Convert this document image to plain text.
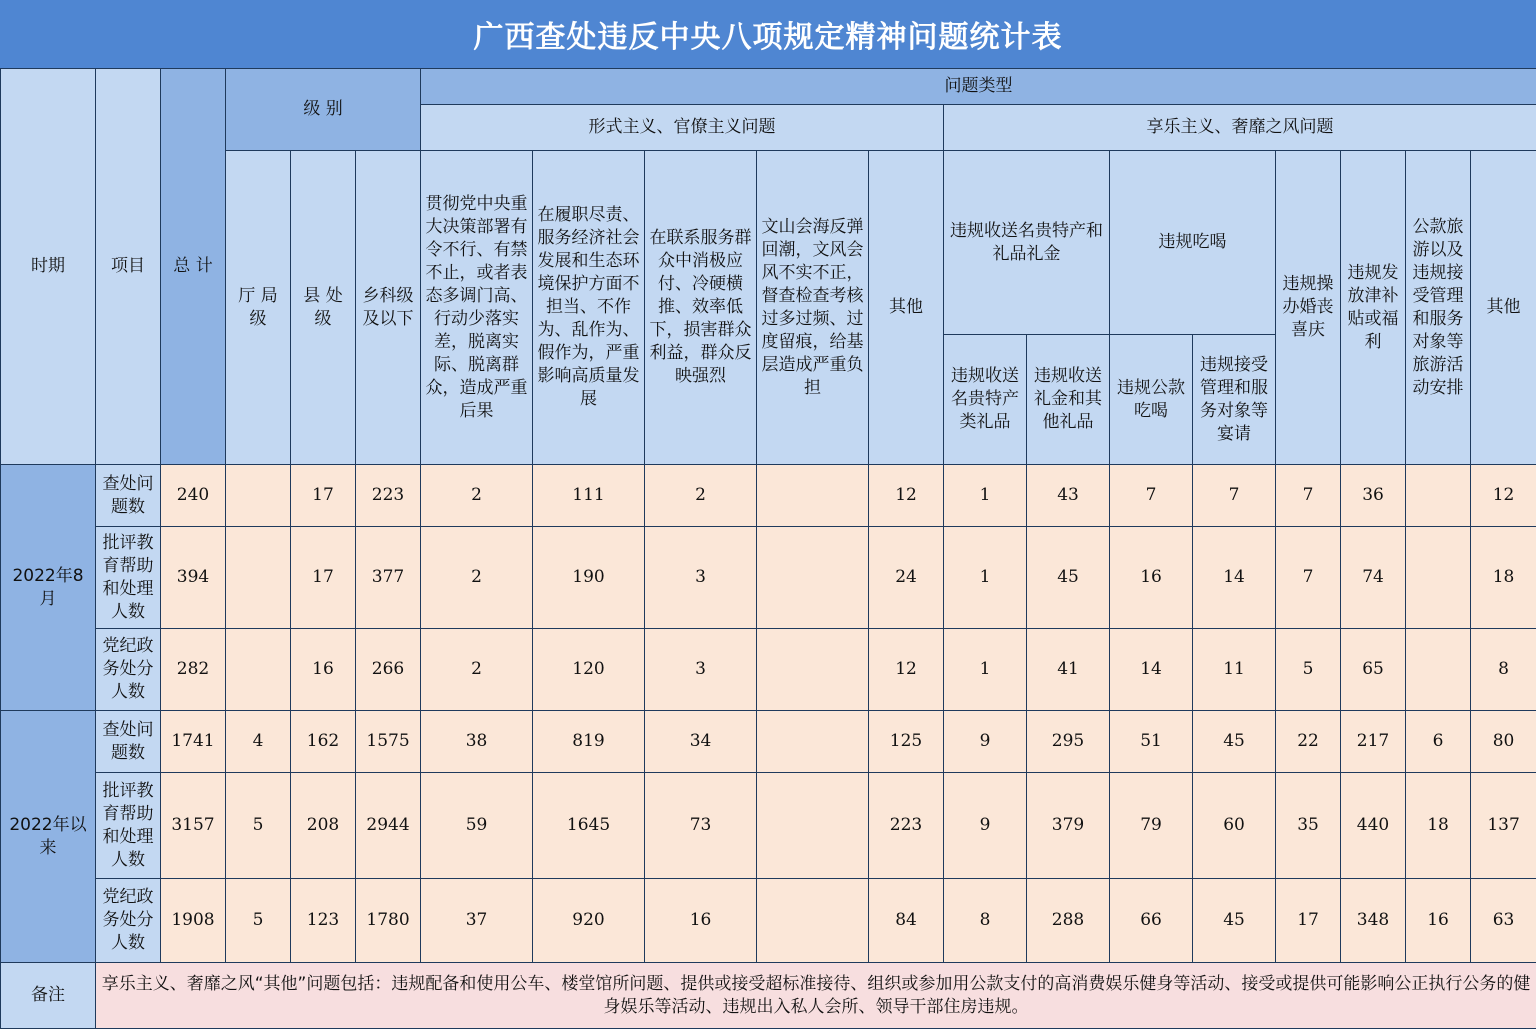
广西查处违反中央八项规定精神问题统计表
时期	项目	总 计	级 别			问题类型												
						形式主义、官僚主义问题					享乐主义、奢靡之风问题							
			厅 局 级	县 处 级	乡科级及以下	贯彻党中央重大决策部署有令不行、有禁不止，或者表态多调门高、行动少落实差，脱离实际、脱离群众，造成严重后果	在履职尽责、服务经济社会发展和生态环境保护方面不担当、不作为、乱作为、假作为，严重影响高质量发展	在联系服务群众中消极应付、冷硬横推、效率低下，损害群众利益，群众反映强烈	文山会海反弹回潮，文风会风不实不正，督查检查考核过多过频、过度留痕，给基层造成严重负担	其他	违规收送名贵特产和礼品礼金		违规吃喝		违规操办婚丧喜庆	违规发放津补贴或福利	公款旅游以及违规接受管理和服务对象等旅游活动安排	其他
											违规收送名贵特产类礼品	违规收送礼金和其他礼品	违规公款吃喝	违规接受管理和服务对象等宴请				
2022年8月	查处问题数	240		17	223	2	111	2		12	1	43	7	7	7	36		12
	批评教育帮助和处理人数	394		17	377	2	190	3		24	1	45	16	14	7	74		18
	党纪政务处分人数	282		16	266	2	120	3		12	1	41	14	11	5	65		8
2022年以来	查处问题数	1741	4	162	1575	38	819	34		125	9	295	51	45	22	217	6	80
	批评教育帮助和处理人数	3157	5	208	2944	59	1645	73		223	9	379	79	60	35	440	18	137
	党纪政务处分人数	1908	5	123	1780	37	920	16		84	8	288	66	45	17	348	16	63
备注	享乐主义、奢靡之风“其他”问题包括：违规配备和使用公车、楼堂馆所问题、提供或接受超标准接待、组织或参加用公款支付的高消费娱乐健身等活动、接受或提供可能影响公正执行公务的健身娱乐等活动、违规出入私人会所、领导干部住房违规。																	
